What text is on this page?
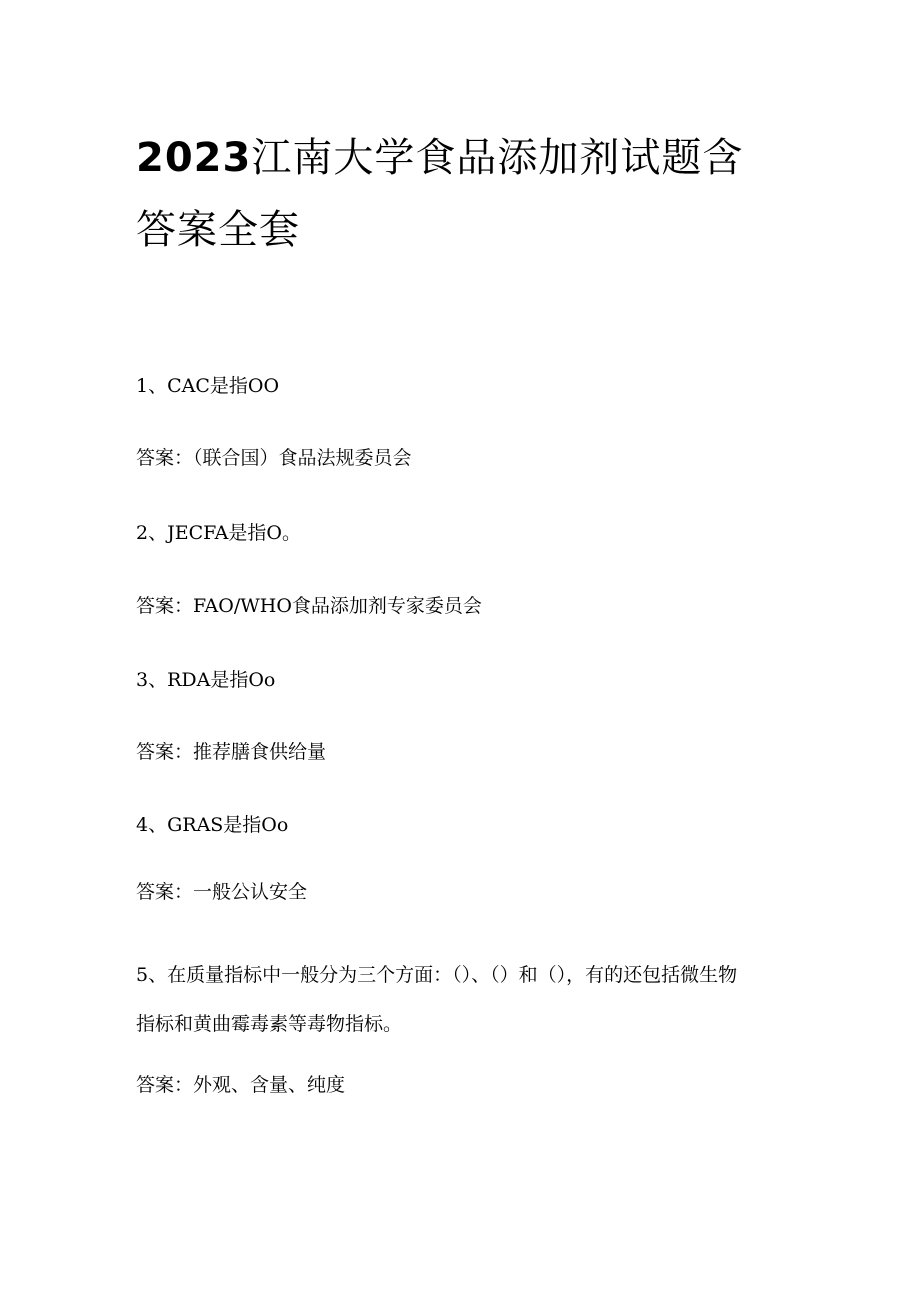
2023江南大学食品添加剂试题含答案全套

1、CAC是指OO

答案：（联合国）食品法规委员会

2、JECFA是指O。

答案：FAO/WHO食品添加剂专家委员会

3、RDA是指Oo

答案：推荐膳食供给量

4、GRAS是指Oo

答案：一般公认安全

5、在质量指标中一般分为三个方面：（）、（）和（），有的还包括微生物指标和黄曲霉毒素等毒物指标。

答案：外观、含量、纯度
